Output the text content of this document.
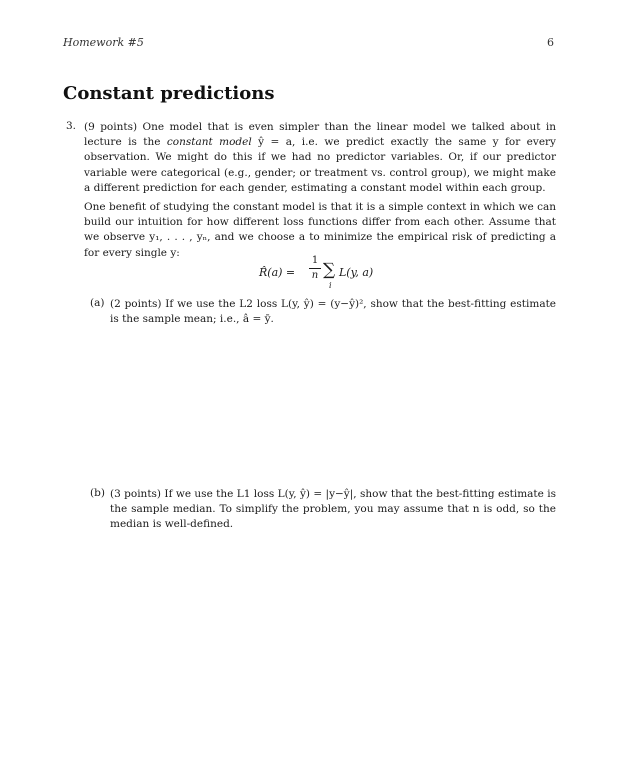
Homework #5	6
Constant predictions
3. (9 points) One model that is even simpler than the linear model we talked about in lecture is the constant model ŷ = a, i.e. we predict exactly the same y for every observation. We might do this if we had no predictor variables. Or, if our predictor variable were categorical (e.g., gender; or treatment vs. control group), we might make a different prediction for each gender, estimating a constant model within each group.

One benefit of studying the constant model is that it is a simple context in which we can build our intuition for how different loss functions differ from each other. Assume that we observe y₁, . . . , yₙ, and we choose a to minimize the empirical risk of predicting a for every single y:

R̂(a) =
1
n ∑
i
L(y, a)
(a) (2 points) If we use the L2 loss L(y, ŷ) = (y−ŷ)², show that the best-fitting estimate is the sample mean; i.e., â = ȳ.

(b) (3 points) If we use the L1 loss L(y, ŷ) = |y−ŷ|, show that the best-fitting estimate is the sample median. To simplify the problem, you may assume that n is odd, so the median is well-defined.
